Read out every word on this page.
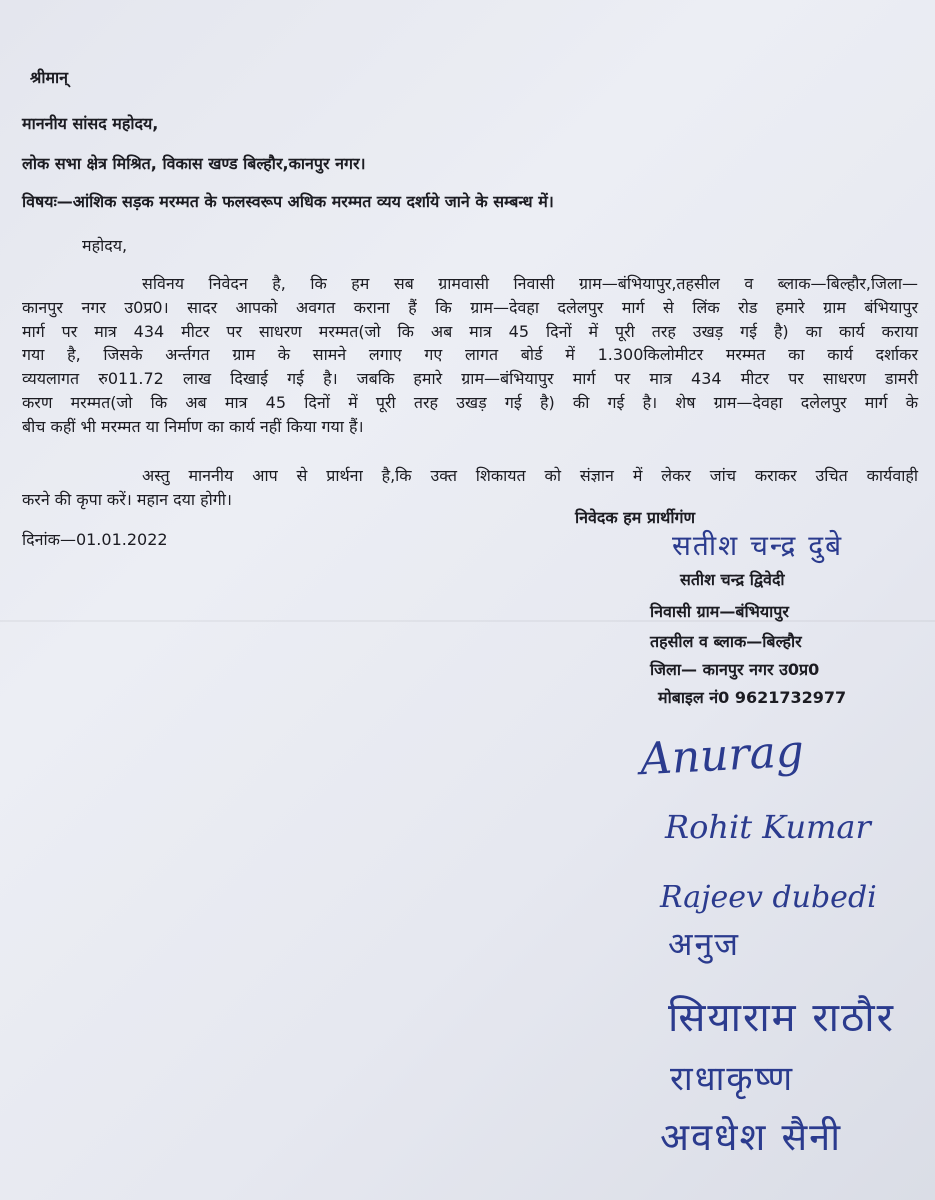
श्रीमान्
माननीय सांसद महोदय,
लोक सभा क्षेत्र मिश्रित, विकास खण्ड बिल्हौर,कानपुर नगर।
विषयः—आंशिक सड़क मरम्मत के फलस्वरूप अधिक मरम्मत व्यय दर्शाये जाने के सम्बन्ध में।
महोदय,
सविनय निवेदन है, कि हम सब ग्रामवासी निवासी ग्राम—बंभियापुर,तहसील व ब्लाक—बिल्हौर,जिला—
कानपुर नगर उ0प्र0। सादर आपको अवगत कराना हैं कि ग्राम—देवहा दलेलपुर मार्ग से लिंक रोड हमारे ग्राम बंभियापुर
मार्ग पर मात्र 434 मीटर पर साधरण मरम्मत(जो कि अब मात्र 45 दिनों में पूरी तरह उखड़ गई है) का कार्य कराया
गया है, जिसके अर्न्तगत ग्राम के सामने लगाए गए लागत बोर्ड में 1.300किलोमीटर मरम्मत का कार्य दर्शाकर
व्ययलागत रु011.72 लाख दिखाई गई है। जबकि हमारे ग्राम—बंभियापुर मार्ग पर मात्र 434 मीटर पर साधरण डामरी
करण मरम्मत(जो कि अब मात्र 45 दिनों में पूरी तरह उखड़ गई है) की गई है। शेष ग्राम—देवहा दलेलपुर मार्ग के
बीच कहीं भी मरम्मत या निर्माण का कार्य नहीं किया गया हैं।
अस्तु माननीय आप से प्रार्थना है,कि उक्त शिकायत को संज्ञान में लेकर जांच कराकर उचित कार्यवाही
करने की कृपा करें। महान दया होगी।
निवेदक हम प्रार्थीगंण
दिनांक—01.01.2022	सतीश चन्द्र दुबे
सतीश चन्द्र द्विवेदी
निवासी ग्राम—बंभियापुर
तहसील व ब्लाक—बिल्हौर
जिला— कानपुर नगर उ0प्र0
मोबाइल नं0 9621732977
Anurag
Rohit Kumar
Rajeev dubedi
अनुज
सियाराम राठौर
राधाकृष्ण
अवधेश सैनी
